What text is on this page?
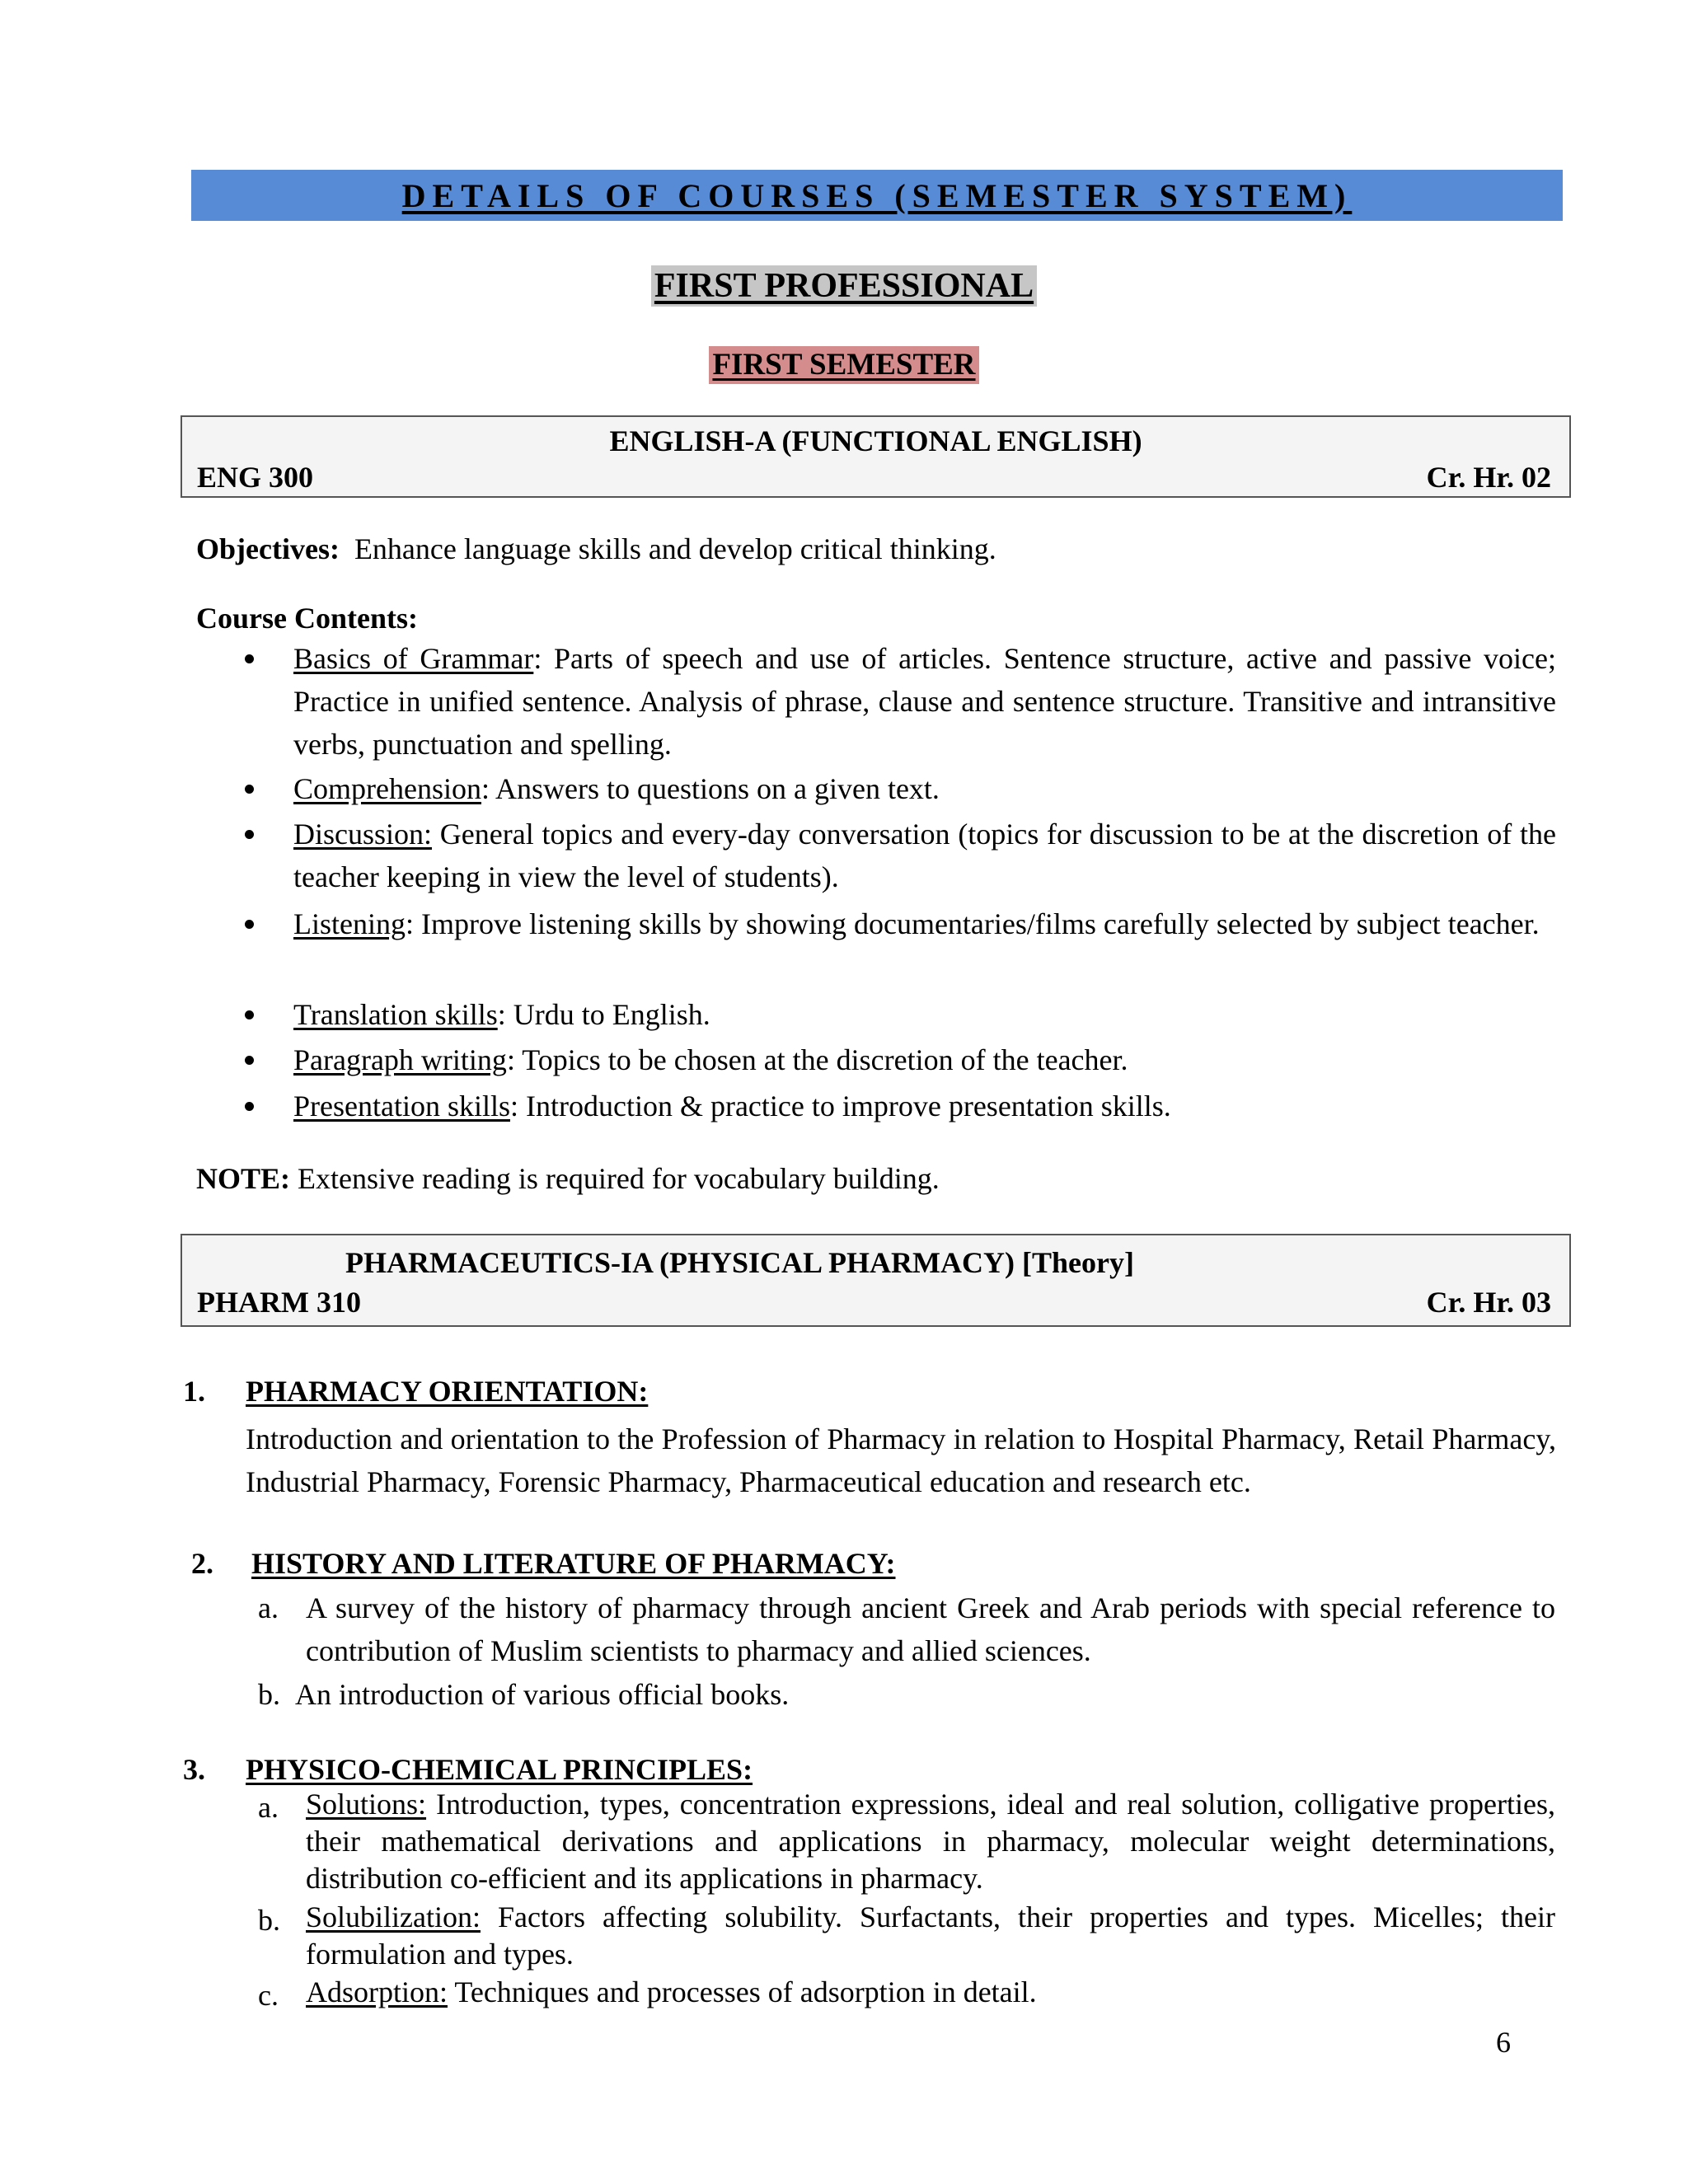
DETAILS OF COURSES (SEMESTER SYSTEM)
FIRST PROFESSIONAL
FIRST SEMESTER
ENGLISH-A (FUNCTIONAL ENGLISH)
ENG 300	Cr. Hr. 02
Objectives: Enhance language skills and develop critical thinking.
Course Contents:
Basics of Grammar: Parts of speech and use of articles. Sentence structure, active and passive voice; Practice in unified sentence. Analysis of phrase, clause and sentence structure. Transitive and intransitive verbs, punctuation and spelling.
Comprehension: Answers to questions on a given text.
Discussion: General topics and every-day conversation (topics for discussion to be at the discretion of the teacher keeping in view the level of students).
Listening: Improve listening skills by showing documentaries/films carefully selected by subject teacher.
Translation skills: Urdu to English.
Paragraph writing: Topics to be chosen at the discretion of the teacher.
Presentation skills: Introduction & practice to improve presentation skills.
NOTE: Extensive reading is required for vocabulary building.
PHARMACEUTICS-IA (PHYSICAL PHARMACY) [Theory]
PHARM 310	Cr. Hr. 03
1. PHARMACY ORIENTATION:
Introduction and orientation to the Profession of Pharmacy in relation to Hospital Pharmacy, Retail Pharmacy, Industrial Pharmacy, Forensic Pharmacy, Pharmaceutical education and research etc.
2. HISTORY AND LITERATURE OF PHARMACY:
a. A survey of the history of pharmacy through ancient Greek and Arab periods with special reference to contribution of Muslim scientists to pharmacy and allied sciences.
b. An introduction of various official books.
3. PHYSICO-CHEMICAL PRINCIPLES:
a. Solutions: Introduction, types, concentration expressions, ideal and real solution, colligative properties, their mathematical derivations and applications in pharmacy, molecular weight determinations, distribution co-efficient and its applications in pharmacy.
b. Solubilization: Factors affecting solubility. Surfactants, their properties and types. Micelles; their formulation and types.
c. Adsorption: Techniques and processes of adsorption in detail.
6
